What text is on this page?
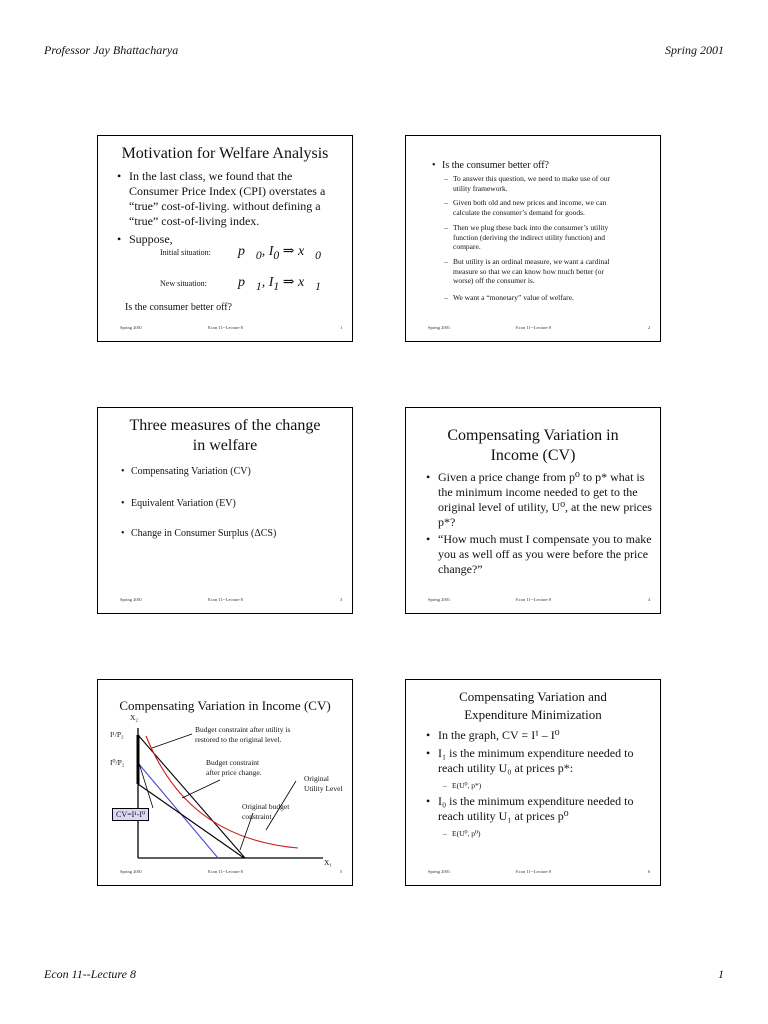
Professor Jay Bhattacharya	Spring 2001
Motivation for Welfare Analysis
• In the last class, we found that the
Consumer Price Index (CPI) overstates a
“true” cost-of-living. without defining a
“true” cost-of-living index.
• Suppose,
Initial situation: $p⃗_0$, $I_0$ ⇒ $x⃗_0$
New situation: $p⃗_1$, $I_1$ ⇒ $x⃗_1$
Is the consumer better off?
Spring 2001	Econ 11--Lecture 8	1
• Is the consumer better off?
– To answer this question, we need to make use of our
utility framework.
– Given both old and new prices and income, we can
calculate the consumer’s demand for goods.
– Then we plug these back into the consumer’s utility
function (deriving the indirect utility function) and
compare.
– But utility is an ordinal measure, we want a cardinal
measure so that we can know how much better (or
worse) off the consumer is.
– We want a “monetary” value of welfare.
Spring 2001	Econ 11--Lecture 8	2
Three measures of the change
in welfare
• Compensating Variation (CV)
• Equivalent Variation (EV)
• Change in Consumer Surplus (ΔCS)
Spring 2001	Econ 11--Lecture 8	3
Compensating Variation in
Income (CV)
• Given a price change from p⁰ to p* what is
the minimum income needed to get to the
original level of utility, U⁰, at the new prices
p*?
• “How much must I compensate you to make
you as well off as you were before the price
change?”
Spring 2001	Econ 11--Lecture 8	4
Compensating Variation in Income (CV)
X₂
X₁
I¹/P₂
I⁰/P₂
Budget constraint after utility is
restored to the original level.
Budget constraint
after price change.
Original
Utility Level
Original budget
constraint.
CV=I¹-I⁰
Spring 2001	Econ 11--Lecture 8	5
Compensating Variation and
Expenditure Minimization
• In the graph, CV = I¹ – I⁰
• I₁ is the minimum expenditure needed to
reach utility U₀ at prices p*:
– E(U⁰, p*)
• I₀ is the minimum expenditure needed to
reach utility U₁ at prices p⁰
– E(U⁰, p⁰)
Spring 2001	Econ 11--Lecture 8	6
Econ 11--Lecture 8	1
